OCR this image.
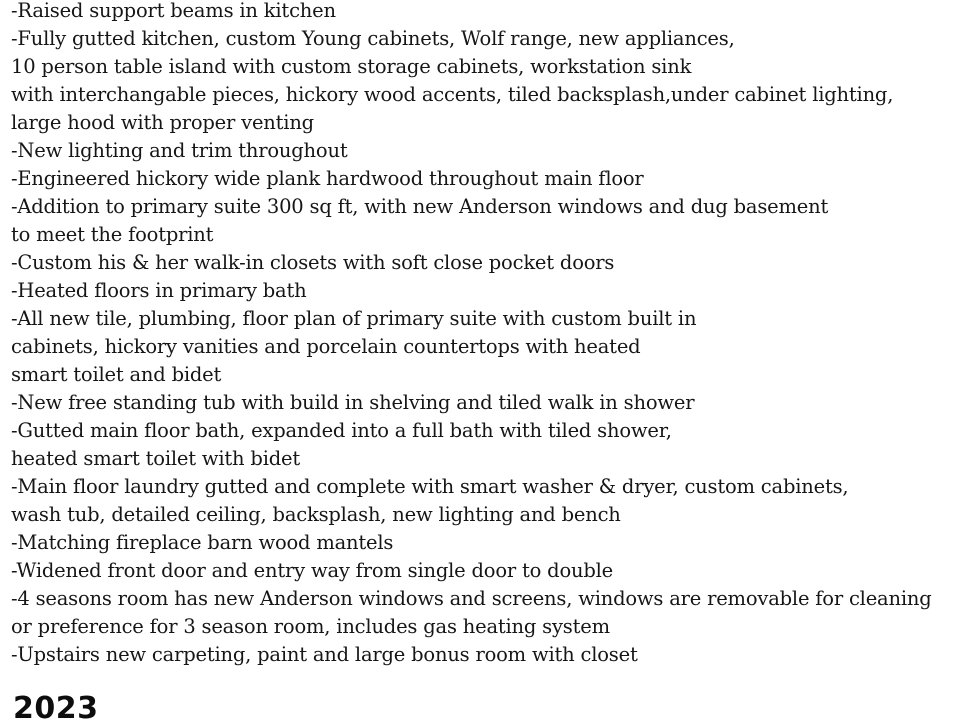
-Raised support beams in kitchen
-Fully gutted kitchen, custom Young cabinets, Wolf range, new appliances,
10 person table island with custom storage cabinets, workstation sink
with interchangable pieces, hickory wood accents, tiled backsplash,under cabinet lighting,
large hood with proper venting
-New lighting and trim throughout
-Engineered hickory wide plank hardwood throughout main floor
-Addition to primary suite 300 sq ft, with new Anderson windows and dug basement
to meet the footprint
-Custom his & her walk-in closets with soft close pocket doors
-Heated floors in primary bath
-All new tile, plumbing, floor plan of primary suite with custom built in
cabinets, hickory vanities and porcelain countertops with heated
smart toilet and bidet
-New free standing tub with build in shelving and tiled walk in shower
-Gutted main floor bath, expanded into a full bath with tiled shower,
heated smart toilet with bidet
-Main floor laundry gutted and complete with smart washer & dryer, custom cabinets,
wash tub, detailed ceiling, backsplash, new lighting and bench
-Matching fireplace barn wood mantels
-Widened front door and entry way from single door to double
-4 seasons room has new Anderson windows and screens, windows are removable for cleaning
or preference for 3 season room, includes gas heating system
-Upstairs new carpeting, paint and large bonus room with closet
2023
